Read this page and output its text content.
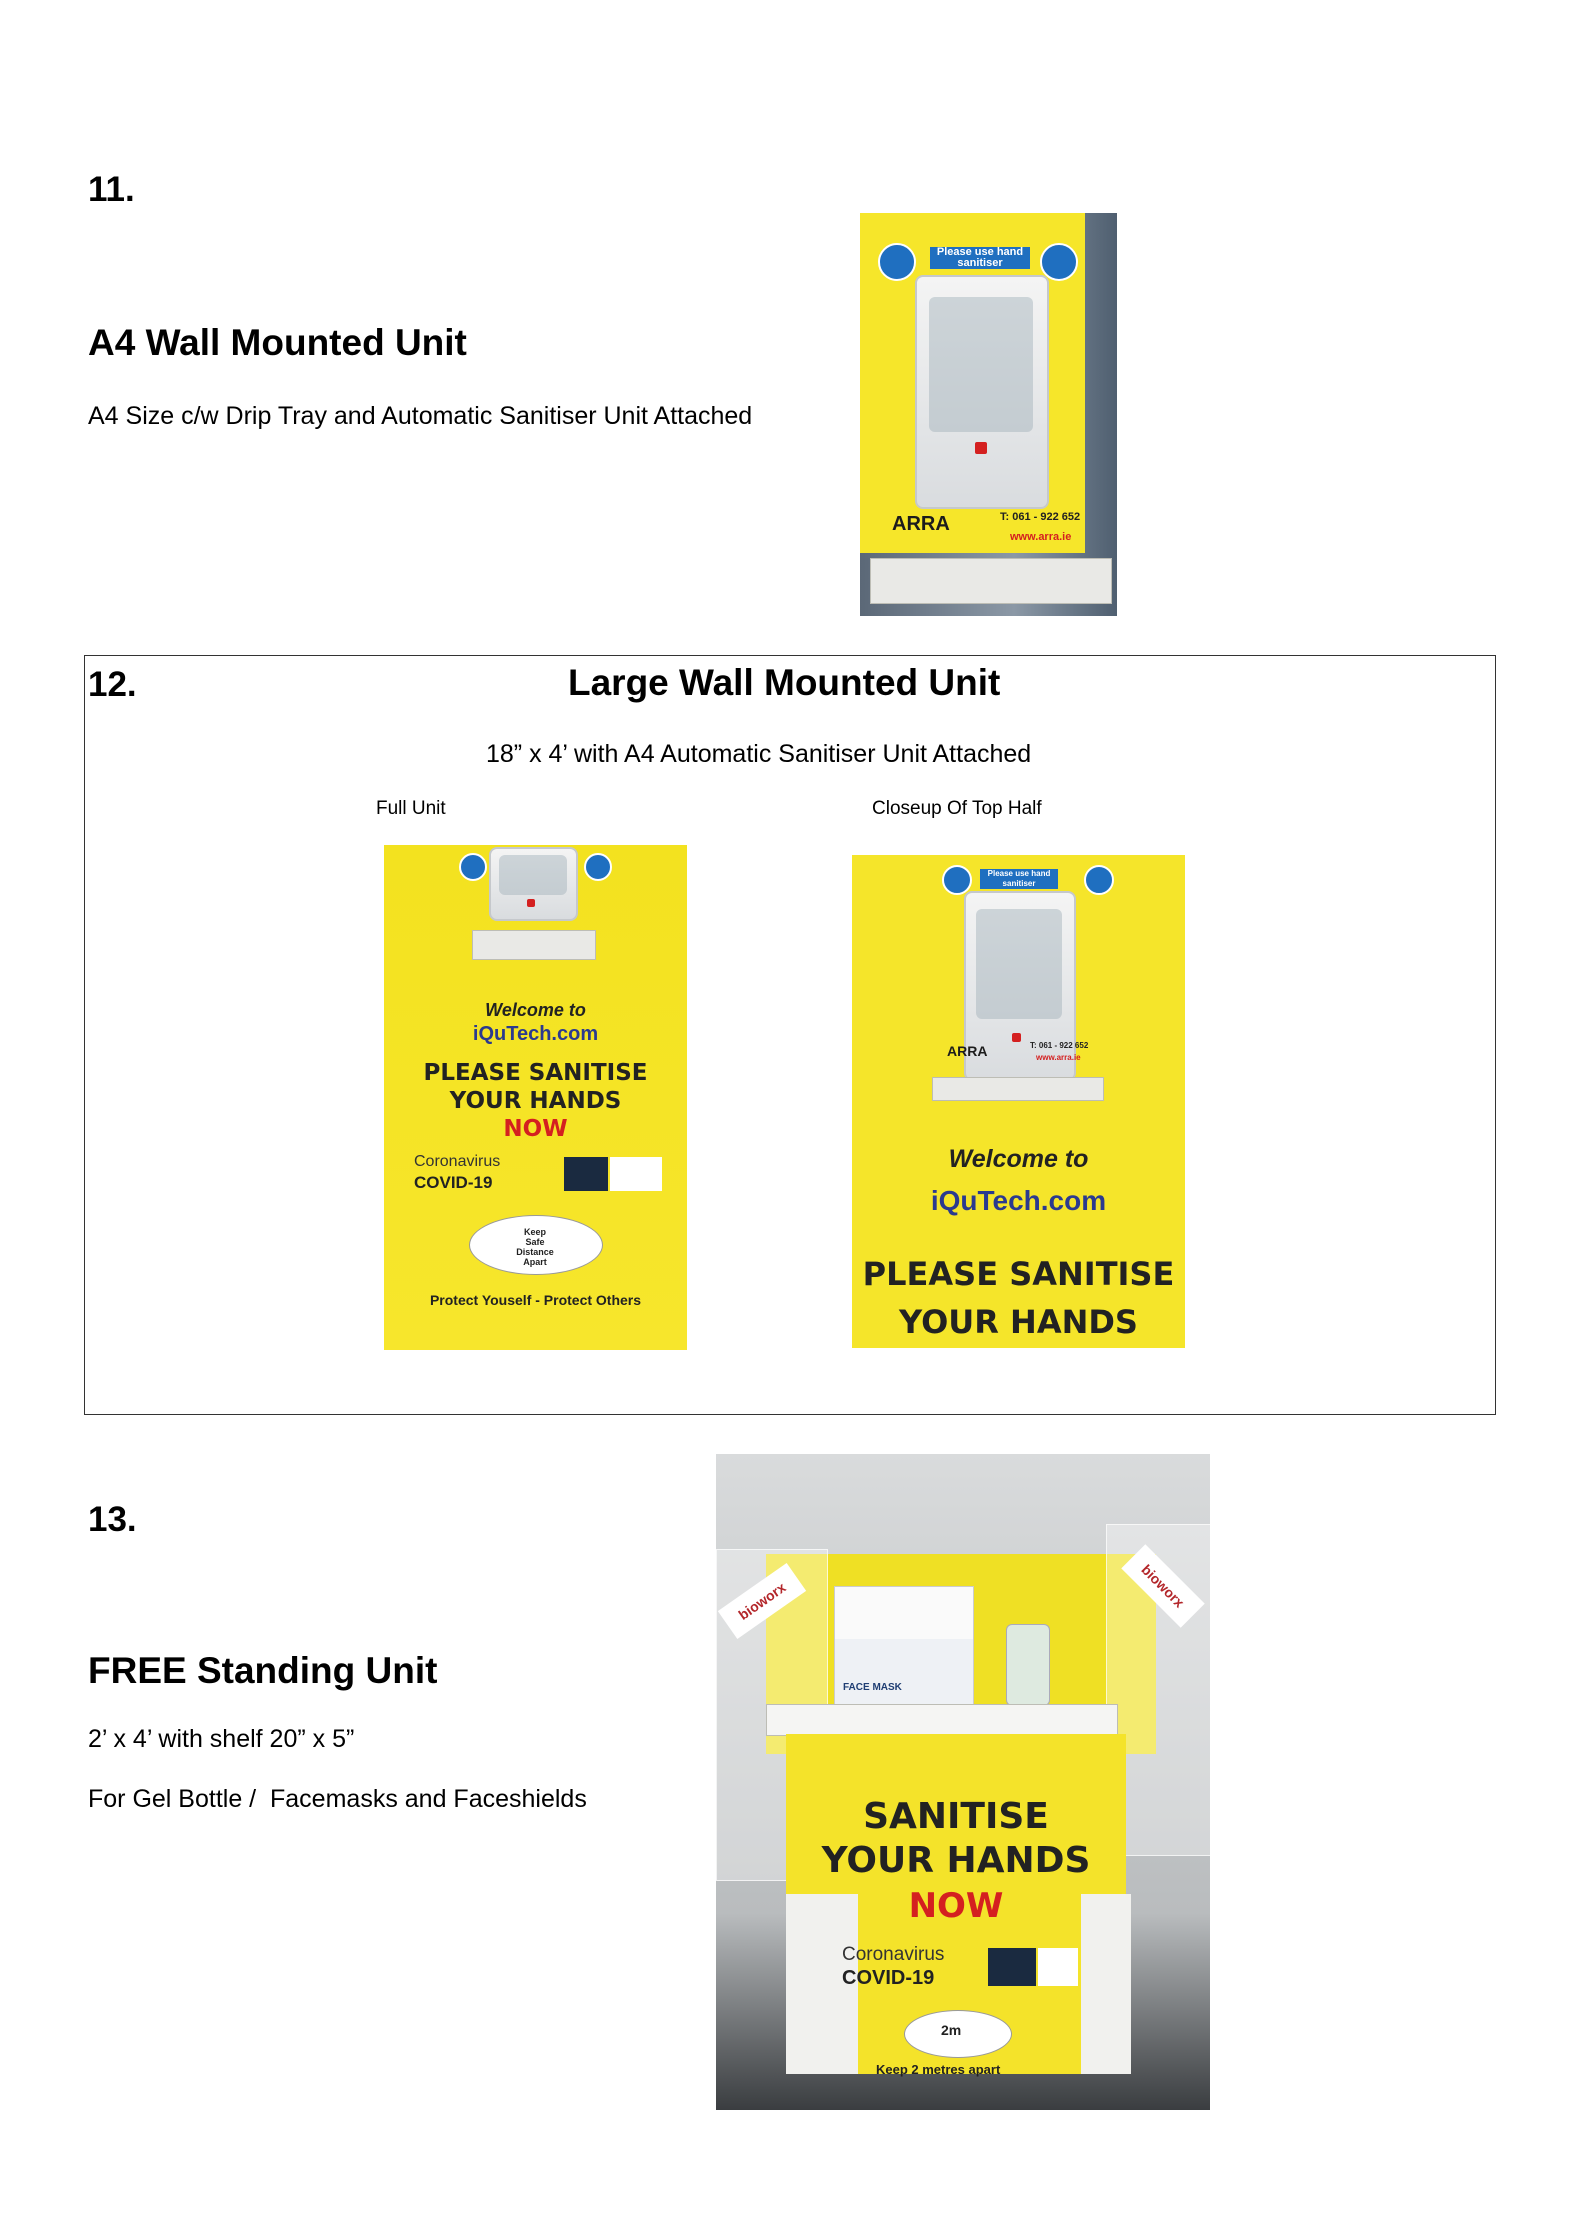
11.
A4 Wall Mounted Unit
A4 Size c/w Drip Tray and Automatic Sanitiser Unit Attached
Please use hand sanitiser
ARRA	T: 061 - 922 652
www.arra.ie
12.	Large Wall Mounted Unit
18” x 4’ with A4 Automatic Sanitiser Unit Attached
Full Unit	Closeup Of Top Half
Welcome to
iQuTech.com
PLEASE SANITISE
YOUR HANDS
NOW
Coronavirus
COVID-19
Keep Safe Distance Apart
Protect Youself - Protect Others
Please use hand sanitiser
ARRA	T: 061 - 922 652
www.arra.ie
Welcome to
iQuTech.com
PLEASE SANITISE
YOUR HANDS
13.
FREE Standing Unit
2’ x 4’ with shelf 20” x 5”
For Gel Bottle /  Facemasks and Faceshields
bioworx	bioworx
FACE MASK
SANITISE
YOUR HANDS
NOW
Coronavirus
COVID-19
2m
Keep 2 metres apart
